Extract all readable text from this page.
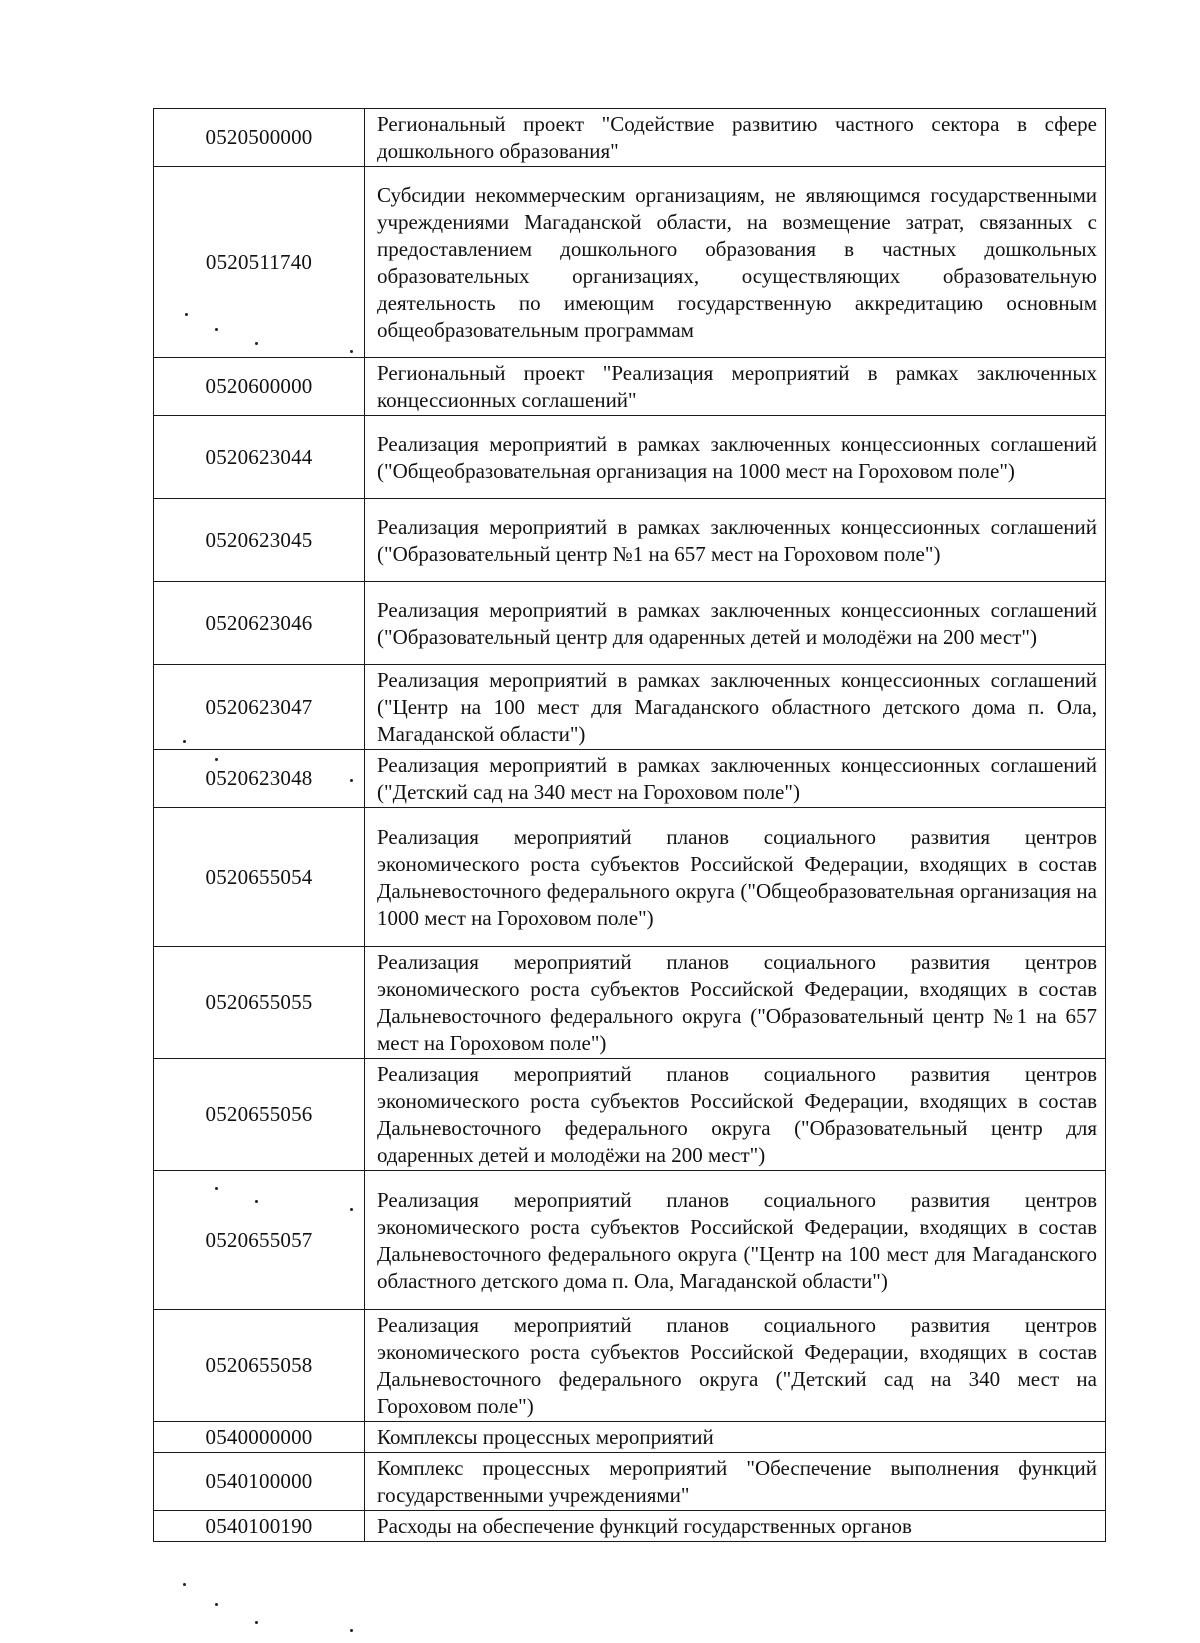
0520500000	Региональный проект "Содействие развитию частного сектора в сфере дошкольного образования"
0520511740	Субсидии некоммерческим организациям, не являющимся государственными учреждениями Магаданской области, на возмещение затрат, связанных с предоставлением дошкольного образования в частных дошкольных образовательных организациях, осуществляющих образовательную деятельность по имеющим государственную аккредитацию основным общеобразовательным программам
0520600000	Региональный проект "Реализация мероприятий в рамках заключенных концессионных соглашений"
0520623044	Реализация мероприятий в рамках заключенных концессионных соглашений ("Общеобразовательная организация на 1000 мест на Гороховом поле")
0520623045	Реализация мероприятий в рамках заключенных концессионных соглашений ("Образовательный центр №1 на 657 мест на Гороховом поле")
0520623046	Реализация мероприятий в рамках заключенных концессионных соглашений ("Образовательный центр для одаренных детей и молодёжи на 200 мест")
0520623047	Реализация мероприятий в рамках заключенных концессионных соглашений ("Центр на 100 мест для Магаданского областного детского дома п. Ола, Магаданской области")
0520623048	Реализация мероприятий в рамках заключенных концессионных соглашений ("Детский сад на 340 мест на Гороховом поле")
0520655054	Реализация мероприятий планов социального развития центров экономического роста субъектов Российской Федерации, входящих в состав Дальневосточного федерального округа ("Общеобразовательная организация на 1000 мест на Гороховом поле")
0520655055	Реализация мероприятий планов социального развития центров экономического роста субъектов Российской Федерации, входящих в состав Дальневосточного федерального округа ("Образовательный центр №1 на 657 мест на Гороховом поле")
0520655056	Реализация мероприятий планов социального развития центров экономического роста субъектов Российской Федерации, входящих в состав Дальневосточного федерального округа ("Образовательный центр для одаренных детей и молодёжи на 200 мест")
0520655057	Реализация мероприятий планов социального развития центров экономического роста субъектов Российской Федерации, входящих в состав Дальневосточного федерального округа ("Центр на 100 мест для Магаданского областного детского дома п. Ола, Магаданской области")
0520655058	Реализация мероприятий планов социального развития центров экономического роста субъектов Российской Федерации, входящих в состав Дальневосточного федерального округа ("Детский сад на 340 мест на Гороховом поле")
0540000000	Комплексы процессных мероприятий
0540100000	Комплекс процессных мероприятий "Обеспечение выполнения функций государственными учреждениями"
0540100190	Расходы на обеспечение функций государственных органов
